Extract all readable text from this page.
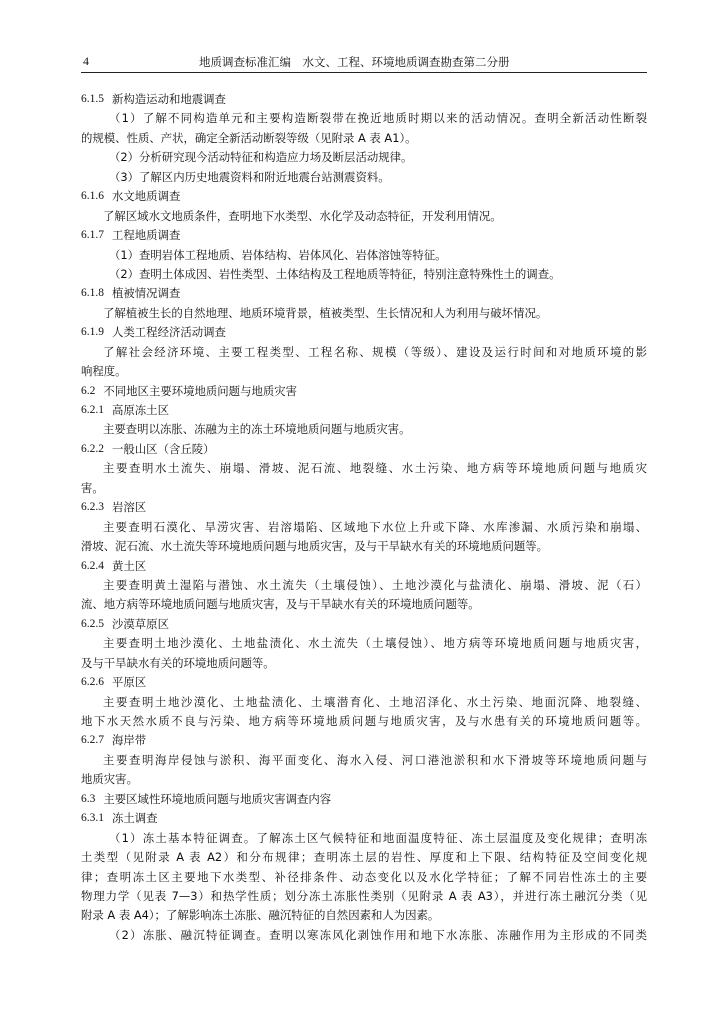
4	地质调查标准汇编　水文、工程、环境地质调查勘查第二分册
6.1.5 新构造运动和地震调查
（1）了解不同构造单元和主要构造断裂带在挽近地质时期以来的活动情况。查明全新活动性断裂
的规模、性质、产状，确定全新活动断裂等级（见附录 A 表 A1）。
（2）分析研究现今活动特征和构造应力场及断层活动规律。
（3）了解区内历史地震资料和附近地震台站测震资料。
6.1.6 水文地质调查
了解区域水文地质条件，查明地下水类型、水化学及动态特征，开发利用情况。
6.1.7 工程地质调查
（1）查明岩体工程地质、岩体结构、岩体风化、岩体溶蚀等特征。
（2）查明土体成因、岩性类型、土体结构及工程地质等特征，特别注意特殊性土的调查。
6.1.8 植被情况调查
了解植被生长的自然地理、地质环境背景，植被类型、生长情况和人为利用与破坏情况。
6.1.9 人类工程经济活动调查
了解社会经济环境、主要工程类型、工程名称、规模（等级）、建设及运行时间和对地质环境的影
响程度。
6.2 不同地区主要环境地质问题与地质灾害
6.2.1 高原冻土区
主要查明以冻胀、冻融为主的冻土环境地质问题与地质灾害。
6.2.2 一般山区（含丘陵）
主要查明水土流失、崩塌、滑坡、泥石流、地裂缝、水土污染、地方病等环境地质问题与地质灾
害。
6.2.3 岩溶区
主要查明石漠化、旱涝灾害、岩溶塌陷、区域地下水位上升或下降、水库渗漏、水质污染和崩塌、
滑坡、泥石流、水土流失等环境地质问题与地质灾害，及与干旱缺水有关的环境地质问题等。
6.2.4 黄土区
主要查明黄土湿陷与潜蚀、水土流失（土壤侵蚀）、土地沙漠化与盐渍化、崩塌、滑坡、泥（石）
流、地方病等环境地质问题与地质灾害，及与干旱缺水有关的环境地质问题等。
6.2.5 沙漠草原区
主要查明土地沙漠化、土地盐渍化、水土流失（土壤侵蚀）、地方病等环境地质问题与地质灾害，
及与干旱缺水有关的环境地质问题等。
6.2.6 平原区
主要查明土地沙漠化、土地盐渍化、土壤潜育化、土地沼泽化、水土污染、地面沉降、地裂缝、
地下水天然水质不良与污染、地方病等环境地质问题与地质灾害，及与水患有关的环境地质问题等。
6.2.7 海岸带
主要查明海岸侵蚀与淤积、海平面变化、海水入侵、河口港池淤积和水下滑坡等环境地质问题与
地质灾害。
6.3 主要区域性环境地质问题与地质灾害调查内容
6.3.1 冻土调查
（1）冻土基本特征调查。了解冻土区气候特征和地面温度特征、冻土层温度及变化规律；查明冻
土类型（见附录 A 表 A2）和分布规律；查明冻土层的岩性、厚度和上下限、结构特征及空间变化规
律；查明冻土区主要地下水类型、补径排条件、动态变化以及水化学特征；了解不同岩性冻土的主要
物理力学（见表 7—3）和热学性质；划分冻土冻胀性类别（见附录 A 表 A3），并进行冻土融沉分类（见
附录 A 表 A4）；了解影响冻土冻胀、融沉特征的自然因素和人为因素。
（2）冻胀、融沉特征调查。查明以寒冻风化剥蚀作用和地下水冻胀、冻融作用为主形成的不同类
